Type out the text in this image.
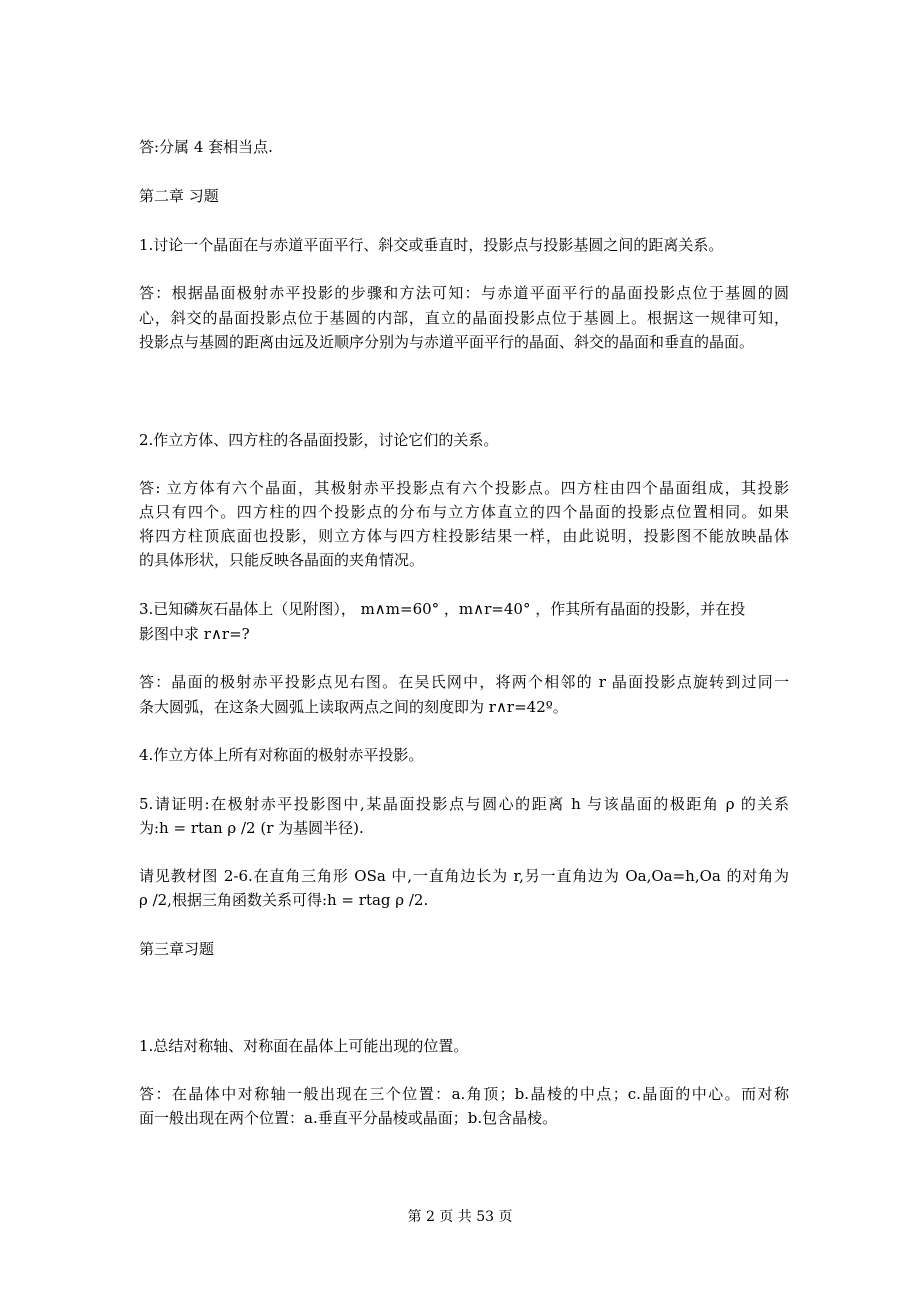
答:分属 4 套相当点.

第二章 习题

1.讨论一个晶面在与赤道平面平行、斜交或垂直时，投影点与投影基圆之间的距离关系。

答：根据晶面极射赤平投影的步骤和方法可知：与赤道平面平行的晶面投影点位于基圆的圆

心，斜交的晶面投影点位于基圆的内部，直立的晶面投影点位于基圆上。根据这一规律可知，

投影点与基圆的距离由远及近顺序分别为与赤道平面平行的晶面、斜交的晶面和垂直的晶面。

2.作立方体、四方柱的各晶面投影，讨论它们的关系。

答: 立方体有六个晶面，其极射赤平投影点有六个投影点。四方柱由四个晶面组成，其投影

点只有四个。四方柱的四个投影点的分布与立方体直立的四个晶面的投影点位置相同。如果

将四方柱顶底面也投影，则立方体与四方柱投影结果一样，由此说明，投影图不能放映晶体

的具体形状，只能反映各晶面的夹角情况。

3.已知磷灰石晶体上（见附图）， m∧m=60° ，m∧r=40° ，作其所有晶面的投影，并在投

影图中求 r∧r=?

答：晶面的极射赤平投影点见右图。在吴氏网中，将两个相邻的 r 晶面投影点旋转到过同一

条大圆弧，在这条大圆弧上读取两点之间的刻度即为 r∧r=42º。

4.作立方体上所有对称面的极射赤平投影。

5.请证明:在极射赤平投影图中,某晶面投影点与圆心的距离 h 与该晶面的极距角 ρ 的关系

为:h = rtan ρ /2 (r 为基圆半径).

请见教材图 2-6.在直角三角形 OSa 中,一直角边长为 r,另一直角边为 Oa,Oa=h,Oa 的对角为

ρ /2,根据三角函数关系可得:h = rtag ρ /2.

第三章习题

1.总结对称轴、对称面在晶体上可能出现的位置。

答：在晶体中对称轴一般出现在三个位置：a.角顶；b.晶棱的中点；c.晶面的中心。而对称

面一般出现在两个位置：a.垂直平分晶棱或晶面；b.包含晶棱。

第 2 页 共 53 页
